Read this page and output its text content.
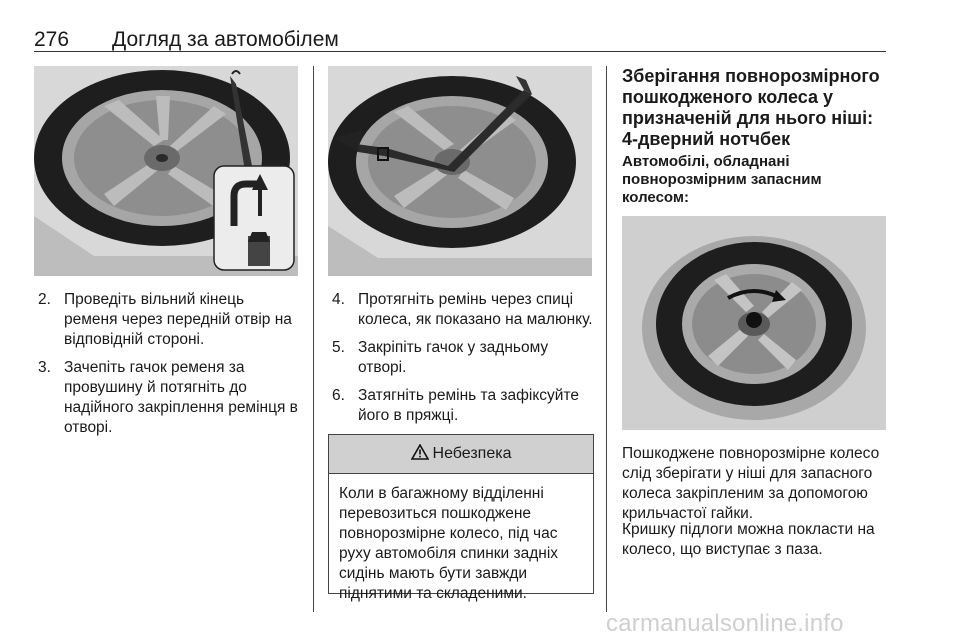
276 Догляд за автомобілем
2. Проведіть вільний кінець ременя через передній отвір на відповідній стороні.
3. Зачепіть гачок ременя за провушину й потягніть до надійного закріплення ремінця в отворі.
4. Протягніть ремінь через спиці колеса, як показано на малюнку.
5. Закріпіть гачок у задньому отворі.
6. Затягніть ремінь та зафіксуйте його в пряжці.
Небезпека
Коли в багажному відділенні перевозиться пошкоджене повнорозмірне колесо, під час руху автомобіля спинки задніх сидінь мають бути завжди піднятими та складеними.
Зберігання повнорозмірного пошкодженого колеса у призначеній для нього ніші: 4-дверний нотчбек
Автомобілі, обладнані повнорозмірним запасним колесом:
Пошкоджене повнорозмірне колесо слід зберігати у ніші для запасного колеса закріпленим за допомогою крильчастої гайки.
Кришку підлоги можна покласти на колесо, що виступає з паза.
carmanualsonline.info
